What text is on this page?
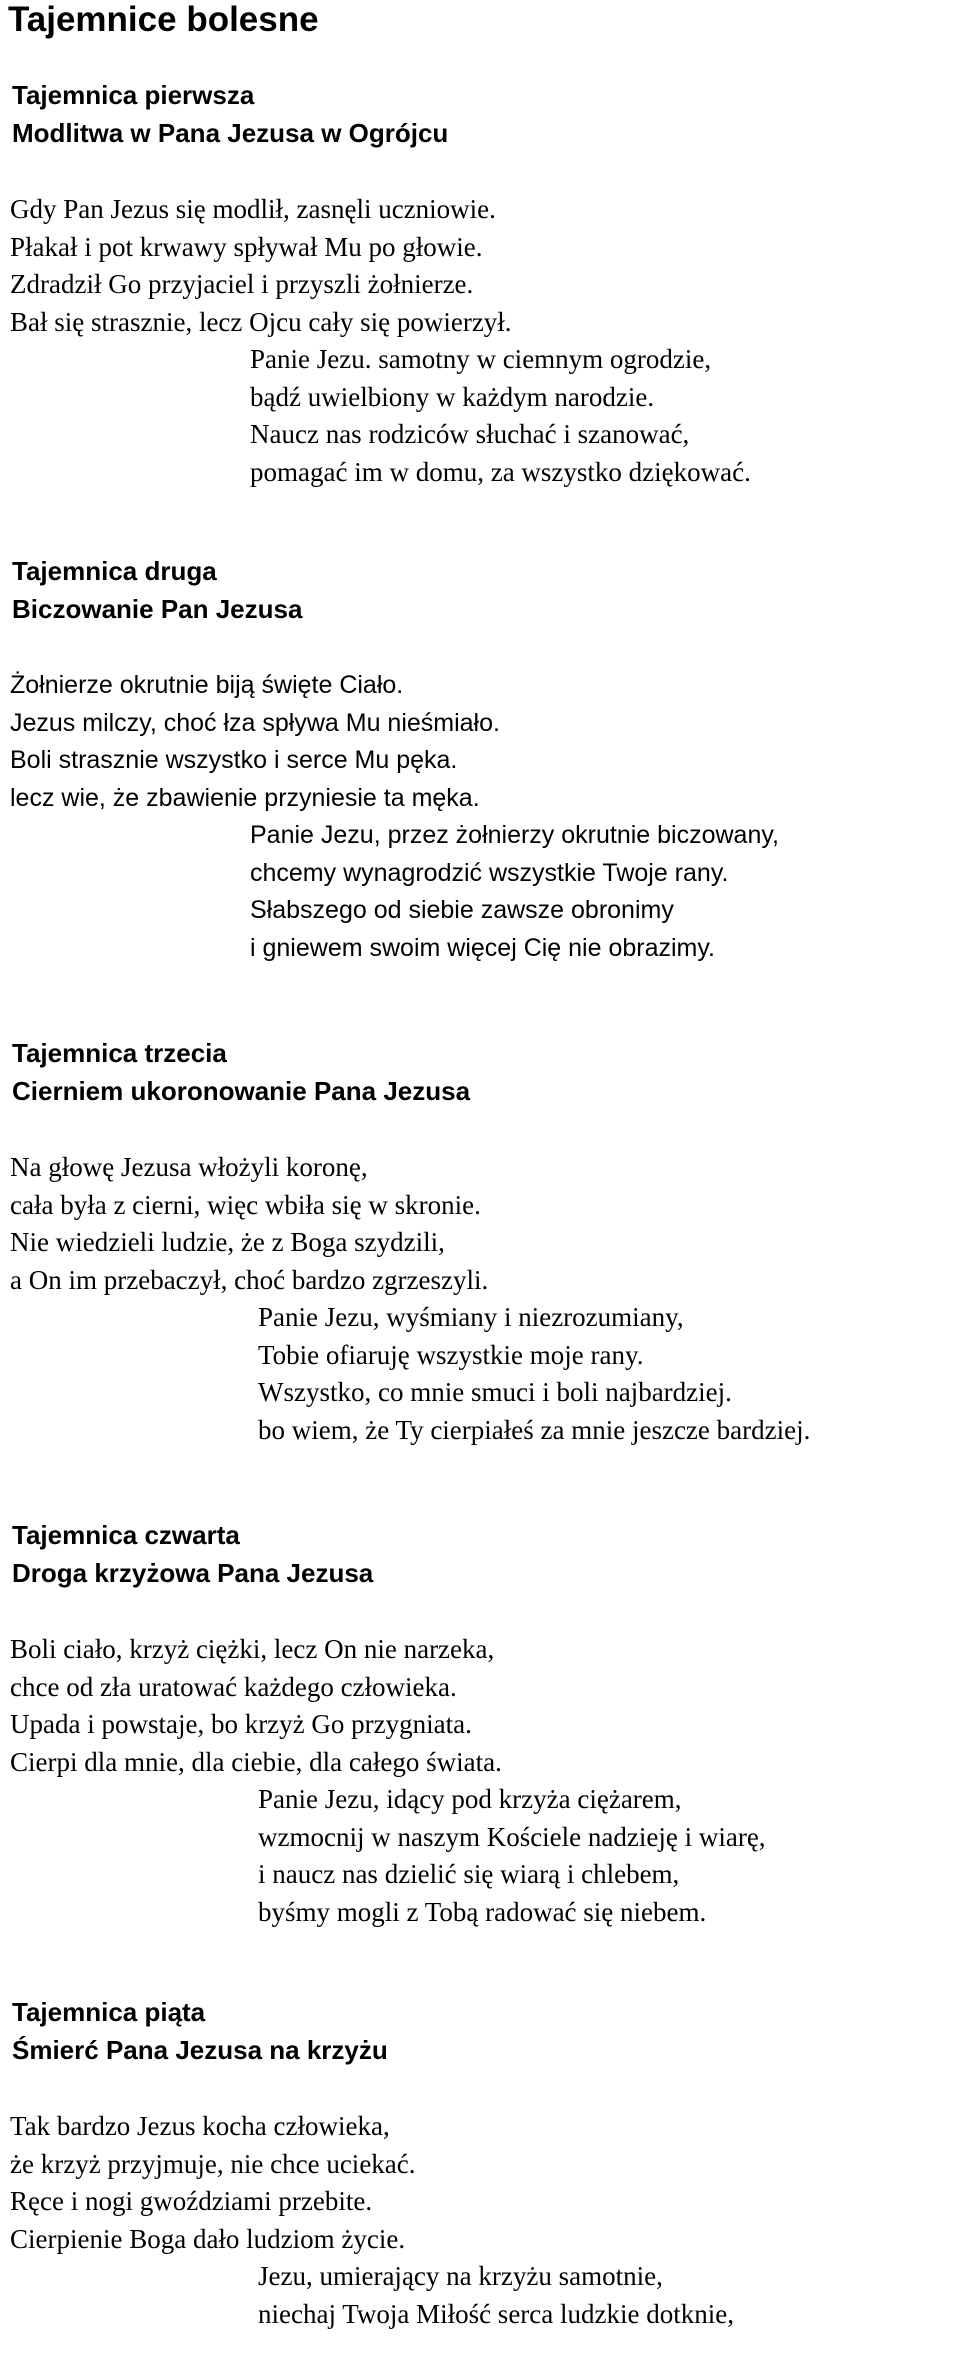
Tajemnice bolesne
Tajemnica pierwsza
Modlitwa w Pana Jezusa w Ogrójcu
Gdy Pan Jezus się modlił, zasnęli uczniowie.
Płakał i pot krwawy spływał Mu po głowie.
Zdradził Go przyjaciel i przyszli żołnierze.
Bał się strasznie, lecz Ojcu cały się powierzył.
Panie Jezu. samotny w ciemnym ogrodzie,
bądź uwielbiony w każdym narodzie.
Naucz nas rodziców słuchać i szanować,
pomagać im w domu, za wszystko dziękować.
Tajemnica druga
Biczowanie Pan Jezusa
Żołnierze okrutnie biją święte Ciało.
Jezus milczy, choć łza spływa Mu nieśmiało.
Boli strasznie wszystko i serce Mu pęka.
lecz wie, że zbawienie przyniesie ta męka.
Panie Jezu, przez żołnierzy okrutnie biczowany,
chcemy wynagrodzić wszystkie Twoje rany.
Słabszego od siebie zawsze obronimy
i gniewem swoim więcej Cię nie obrazimy.
Tajemnica trzecia
Cierniem ukoronowanie Pana Jezusa
Na głowę Jezusa włożyli koronę,
cała była z cierni, więc wbiła się w skronie.
Nie wiedzieli ludzie, że z Boga szydzili,
a On im przebaczył, choć bardzo zgrzeszyli.
Panie Jezu, wyśmiany i niezrozumiany,
Tobie ofiaruję wszystkie moje rany.
Wszystko, co mnie smuci i boli najbardziej.
bo wiem, że Ty cierpiałeś za mnie jeszcze bardziej.
Tajemnica czwarta
Droga krzyżowa Pana Jezusa
Boli ciało, krzyż ciężki, lecz On nie narzeka,
chce od zła uratować każdego człowieka.
Upada i powstaje, bo krzyż Go przygniata.
Cierpi dla mnie, dla ciebie, dla całego świata.
Panie Jezu, idący pod krzyża ciężarem,
wzmocnij w naszym Kościele nadzieję i wiarę,
i naucz nas dzielić się wiarą i chlebem,
byśmy mogli z Tobą radować się niebem.
Tajemnica piąta
Śmierć Pana Jezusa na krzyżu
Tak bardzo Jezus kocha człowieka,
że krzyż przyjmuje, nie chce uciekać.
Ręce i nogi gwoździami przebite.
Cierpienie Boga dało ludziom życie.
Jezu, umierający na krzyżu samotnie,
niechaj Twoja Miłość serca ludzkie dotknie,
